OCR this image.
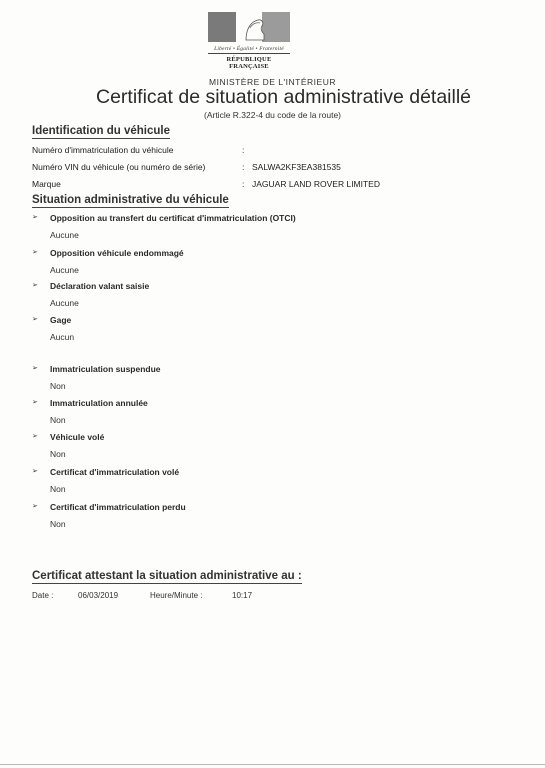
Liberté • Égalité • Fraternité
RÉPUBLIQUE FRANÇAISE
MINISTÈRE DE L'INTÉRIEUR
Certificat de situation administrative détaillé
(Article R.322-4 du code de la route)
Identification du véhicule
Numéro d'immatriculation du véhicule	:
Numéro VIN du véhicule (ou numéro de série)	: SALWA2KF3EA381535
Marque	: JAGUAR LAND ROVER LIMITED
Situation administrative du véhicule
➢ Opposition au transfert du certificat d'immatriculation (OTCI)
Aucune
➢ Opposition véhicule endommagé
Aucune
➢ Déclaration valant saisie
Aucune
➢ Gage
Aucun
➢ Immatriculation suspendue
Non
➢ Immatriculation annulée
Non
➢ Véhicule volé
Non
➢ Certificat d'immatriculation volé
Non
➢ Certificat d'immatriculation perdu
Non
Certificat attestant la situation administrative au :
Date :	06/03/2019	Heure/Minute :	10:17
